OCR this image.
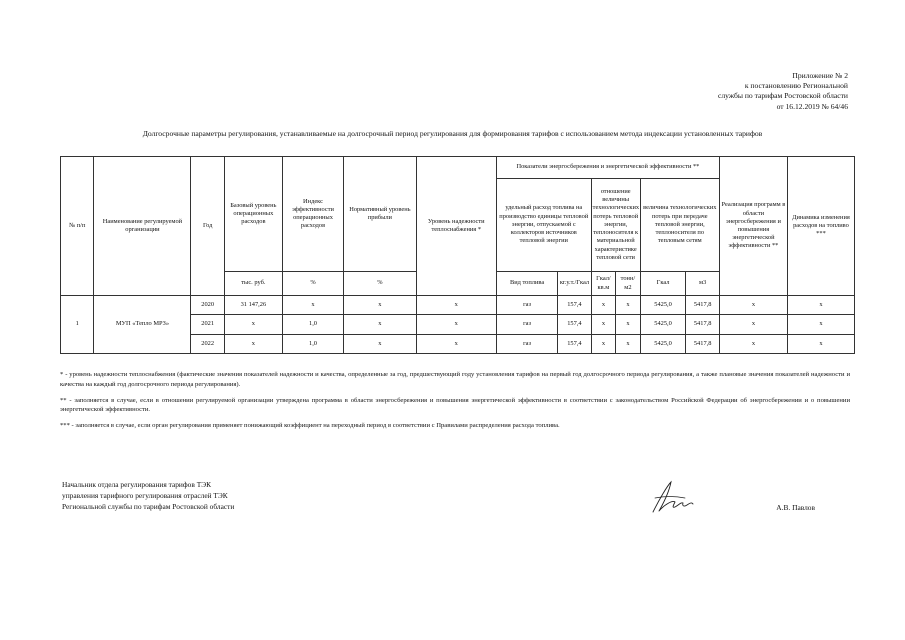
Приложение № 2
к постановлению Региональной
службы по тарифам Ростовской области
от 16.12.2019 № 64/46
Долгосрочные параметры регулирования, устанавливаемые на долгосрочный период регулирования для формирования тарифов с использованием метода индексации установленных тарифов
№ п/п	Наименование регулируемой организации	Год	Базовый уровень операционных расходов	Индекс эффективности операционных расходов	Нормативный уровень прибыли	Уровень надежности теплоснабжения *	Показатели энергосбережения и энергетической эффективности **						Реализация программ в области энергосбережения и повышения энергетической эффективности **	Динамика изменения расходов на топливо ***
							удельный расход топлива на производство единицы тепловой энергии, отпускаемой с коллекторов источников тепловой энергии		отношение величины технологических потерь тепловой энергии, теплоносителя к материальной характеристике тепловой сети		величина технологических потерь при передаче тепловой энергии, теплоносителя по тепловым сетям			
			тыс. руб.	%	%		Вид топлива	кг.у.т./Гкал	Гкал/кв.м	тонн/м2	Гкал	м3		
1	МУП «Тепло МРЗ»	2020	31 147,26	х	х	х	газ	157,4	х	х	5425,0	5417,8	х	х
		2021	х	1,0	х	х	газ	157,4	х	х	5425,0	5417,8	х	х
		2022	х	1,0	х	х	газ	157,4	х	х	5425,0	5417,8	х	х

* - уровень надежности теплоснабжения (фактические значения показателей надежности и качества, определенные за год, предшествующий году установления тарифов на первый год долгосрочного периода регулирования, а также плановые значения показателей надежности и качества на каждый год долгосрочного периода регулирования).

** - заполняется в случае, если в отношении регулируемой организации утверждена программа в области энергосбережения и повышения энергетической эффективности в соответствии с законодательством Российской Федерации об энергосбережении и о повышении энергетической эффективности.

*** - заполняется в случае, если орган регулирования применяет понижающий коэффициент на переходный период в соответствии с Правилами распределения расхода топлива.

Начальник отдела регулирования тарифов ТЭК
управления тарифного регулирования отраслей ТЭК
Региональной службы по тарифам Ростовской области	А.В. Павлов
